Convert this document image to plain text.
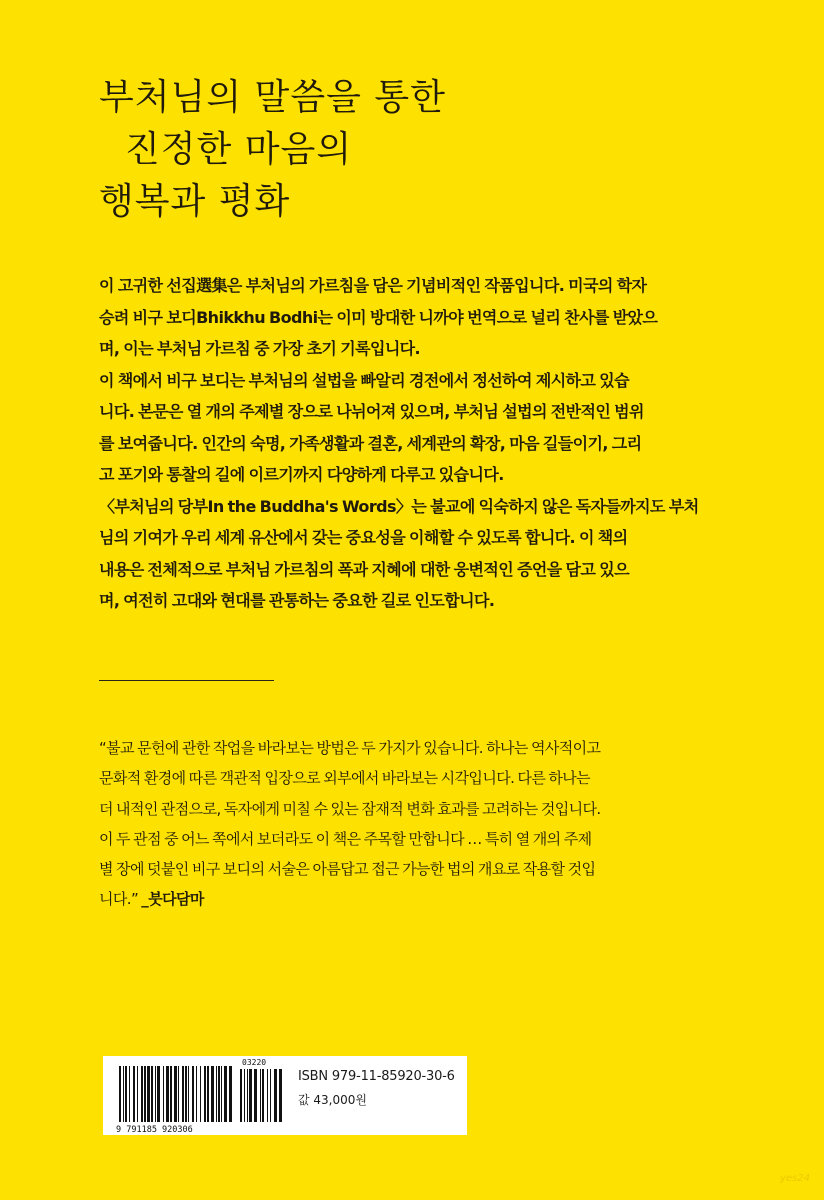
부처님의 말씀을 통한
진정한 마음의
행복과 평화
이 고귀한 선집選集은 부처님의 가르침을 담은 기념비적인 작품입니다. 미국의 학자
승려 비구 보디Bhikkhu Bodhi는 이미 방대한 니까야 번역으로 널리 찬사를 받았으
며, 이는 부처님 가르침 중 가장 초기 기록입니다.
이 책에서 비구 보디는 부처님의 설법을 빠알리 경전에서 정선하여 제시하고 있습
니다. 본문은 열 개의 주제별 장으로 나뉘어져 있으며, 부처님 설법의 전반적인 범위
를 보여줍니다. 인간의 숙명, 가족생활과 결혼, 세계관의 확장, 마음 길들이기, 그리
고 포기와 통찰의 길에 이르기까지 다양하게 다루고 있습니다.
〈부처님의 당부In the Buddha's Words〉는 불교에 익숙하지 않은 독자들까지도 부처
님의 기여가 우리 세계 유산에서 갖는 중요성을 이해할 수 있도록 합니다. 이 책의
내용은 전체적으로 부처님 가르침의 폭과 지혜에 대한 웅변적인 증언을 담고 있으
며, 여전히 고대와 현대를 관통하는 중요한 길로 인도합니다.
“불교 문헌에 관한 작업을 바라보는 방법은 두 가지가 있습니다. 하나는 역사적이고
문화적 환경에 따른 객관적 입장으로 외부에서 바라보는 시각입니다. 다른 하나는
더 내적인 관점으로, 독자에게 미칠 수 있는 잠재적 변화 효과를 고려하는 것입니다.
이 두 관점 중 어느 쪽에서 보더라도 이 책은 주목할 만합니다 … 특히 열 개의 주제
별 장에 덧붙인 비구 보디의 서술은 아름답고 접근 가능한 법의 개요로 작용할 것입
니다.” _붓다담마
03220
9 791185 920306
ISBN 979-11-85920-30-6
값 43,000원
yes24
